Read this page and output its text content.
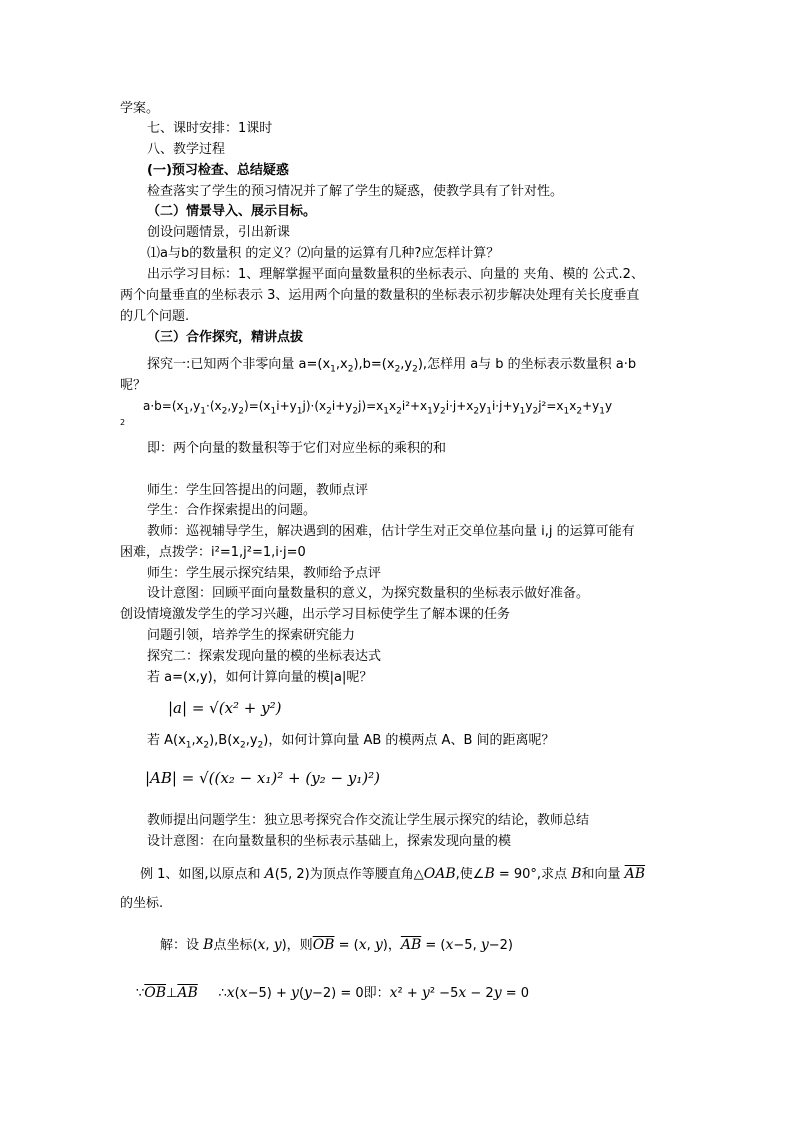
学案。
七、课时安排：1课时
八、教学过程
(一)预习检查、总结疑惑
检查落实了学生的预习情况并了解了学生的疑惑，使教学具有了针对性。
（二）情景导入、展示目标。
创设问题情景，引出新课
⑴a与b的数量积 的定义？⑵向量的运算有几种?应怎样计算？
出示学习目标：1、理解掌握平面向量数量积的坐标表示、向量的 夹角、模的 公式.2、
两个向量垂直的坐标表示 3、运用两个向量的数量积的坐标表示初步解决处理有关长度垂直
的几个问题.
（三）合作探究，精讲点拔
探究一:已知两个非零向量 $a=(x_1,x_2),b=(x_2,y_2)$,怎样用 a与 b 的坐标表示数量积 a·b
呢？
$a\cdot b=(x_1,y_1\cdot(x_2,y_2)=(x_1i+y_1j)\cdot(x_2i+y_2j)=x_1x_2i^2+x_1y_2i\cdot j+x_2y_1i\cdot j+y_1y_2j^2=x_1x_2+y_1y$
2
即：两个向量的数量积等于它们对应坐标的乘积的和
师生：学生回答提出的问题，教师点评
学生：合作探索提出的问题。
教师：巡视辅导学生，解决遇到的困难，估计学生对正交单位基向量 i,j 的运算可能有
困难，点拨学：i²=1,j²=1,i·j=0
师生：学生展示探究结果，教师给予点评
设计意图：回顾平面向量数量积的意义，为探究数量积的坐标表示做好准备。
创设情境激发学生的学习兴趣，出示学习目标使学生了解本课的任务
问题引领，培养学生的探索研究能力
探究二：探索发现向量的模的坐标表达式
若 a=(x,y)，如何计算向量的模|a|呢？
|a| = √(x² + y²)
若 $A(x_1,x_2),B(x_2,y_2)$，如何计算向量 AB 的模两点 A、B 间的距离呢？
|AB| = √((x₂ − x₁)² + (y₂ − y₁)²)
教师提出问题学生：独立思考探究合作交流让学生展示探究的结论，教师总结
设计意图：在向量数量积的坐标表示基础上，探索发现向量的模
例 1、如图,以原点和 A(5, 2)为顶点作等腰直角△OAB,使∠B = 90°,求点 B和向量 $\overline{AB}$
的坐标.
解：设 B点坐标(x, y)，则$\overline{OB} = (x$, y)，$\overline{AB} = (x-5$, y−2)
$\because\overline{OB}\perp\overline{AB}$ ∴x(x−5) + y(y−2) = 0即：x² + y² −5x − 2y = 0
